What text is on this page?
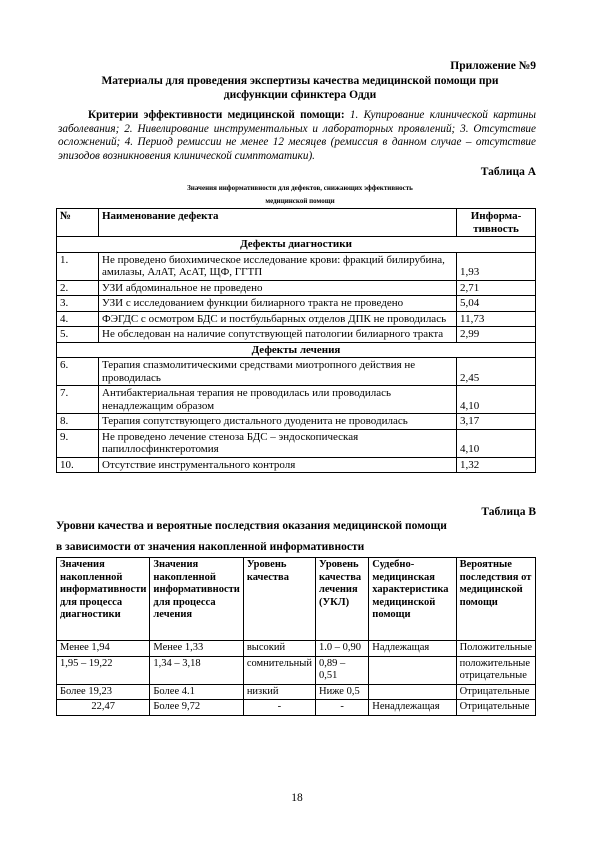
Приложение №9
Материалы для проведения экспертизы качества медицинской помощи при
дисфункции сфинктера Одди
Критерии эффективности медицинской помощи: 1. Купирование клинической картины заболевания; 2. Нивелирование инструментальных и лабораторных проявлений; 3. Отсутствие осложнений; 4. Период ремиссии не менее 12 месяцев (ремиссия в данном случае – отсутствие эпизодов возникновения клинической симптоматики).
Таблица А
Значения информативности для дефектов, снижающих эффективность
медицинской помощи
№	Наименование дефекта	Информа-тивность
Дефекты диагностики		
1.	Не проведено биохимическое исследование крови: фракций билирубина, амилазы, АлАТ, АсАТ, ЩФ, ГГТП	1,93
2.	УЗИ абдоминальное не проведено	2,71
3.	УЗИ с исследованием функции билиарного тракта не проведено	5,04
4.	ФЭГДС с осмотром БДС и постбульбарных отделов ДПК не проводилась	11,73
5.	Не обследован на наличие сопутствующей патологии билиарного тракта	2,99
Дефекты лечения		
6.	Терапия спазмолитическими средствами миотропного действия не проводилась	2,45
7.	Антибактериальная терапия не проводилась или проводилась ненадлежащим образом	4,10
8.	Терапия сопутствующего дистального дуоденита не проводилась	3,17
9.	Не проведено лечение стеноза БДС – эндоскопическая папиллосфинктеротомия	4,10
10.	Отсутствие инструментального контроля	1,32
Таблица В
Уровни качества и вероятные последствия оказания медицинской помощи
в зависимости от значения накопленной информативности
Значения накопленной информативности для процесса диагностики	Значения накопленной информативности для процесса лечения	Уровень качества	Уровень качества лечения (УКЛ)	Судебно-медицинская характеристика медицинской помощи	Вероятные последствия от медицинской помощи
Менее 1,94	Менее 1,33	высокий	1.0 – 0,90	Надлежащая	Положительные
1,95 – 19,22	1,34 – 3,18	сомнительный	0,89 – 0,51		положительные отрицательные
Более 19,23	Более 4.1	низкий	Ниже 0,5		Отрицательные
22,47	Более 9,72	-	-	Ненадлежащая	Отрицательные
18
